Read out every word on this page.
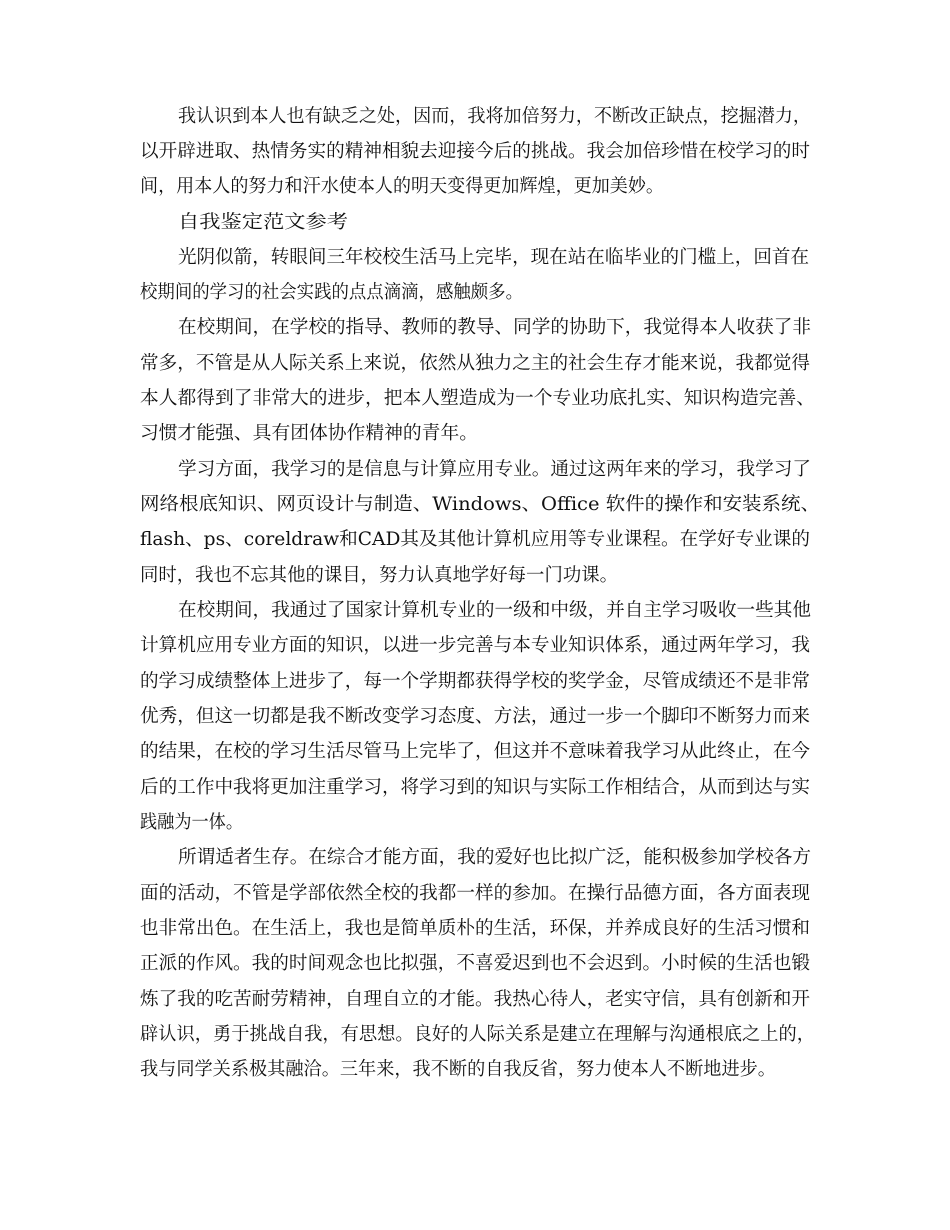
我认识到本人也有缺乏之处，因而，我将加倍努力，不断改正缺点，挖掘潜力，
以开辟进取、热情务实的精神相貌去迎接今后的挑战。我会加倍珍惜在校学习的时
间，用本人的努力和汗水使本人的明天变得更加辉煌，更加美妙。
自我鉴定范文参考
光阴似箭，转眼间三年校校生活马上完毕，现在站在临毕业的门槛上，回首在
校期间的学习的社会实践的点点滴滴，感触颇多。
在校期间，在学校的指导、教师的教导、同学的协助下，我觉得本人收获了非
常多，不管是从人际关系上来说，依然从独力之主的社会生存才能来说，我都觉得
本人都得到了非常大的进步，把本人塑造成为一个专业功底扎实、知识构造完善、
习惯才能强、具有团体协作精神的青年。
学习方面，我学习的是信息与计算应用专业。通过这两年来的学习，我学习了
网络根底知识、网页设计与制造、Windows、Office 软件的操作和安装系统、
flash、ps、coreldraw和CAD其及其他计算机应用等专业课程。在学好专业课的
同时，我也不忘其他的课目，努力认真地学好每一门功课。
在校期间，我通过了国家计算机专业的一级和中级，并自主学习吸收一些其他
计算机应用专业方面的知识，以进一步完善与本专业知识体系，通过两年学习，我
的学习成绩整体上进步了，每一个学期都获得学校的奖学金，尽管成绩还不是非常
优秀，但这一切都是我不断改变学习态度、方法，通过一步一个脚印不断努力而来
的结果，在校的学习生活尽管马上完毕了，但这并不意味着我学习从此终止，在今
后的工作中我将更加注重学习，将学习到的知识与实际工作相结合，从而到达与实
践融为一体。
所谓适者生存。在综合才能方面，我的爱好也比拟广泛，能积极参加学校各方
面的活动，不管是学部依然全校的我都一样的参加。在操行品德方面，各方面表现
也非常出色。在生活上，我也是简单质朴的生活，环保，并养成良好的生活习惯和
正派的作风。我的时间观念也比拟强，不喜爱迟到也不会迟到。小时候的生活也锻
炼了我的吃苦耐劳精神，自理自立的才能。我热心待人，老实守信，具有创新和开
辟认识，勇于挑战自我，有思想。良好的人际关系是建立在理解与沟通根底之上的，
我与同学关系极其融洽。三年来，我不断的自我反省，努力使本人不断地进步。
